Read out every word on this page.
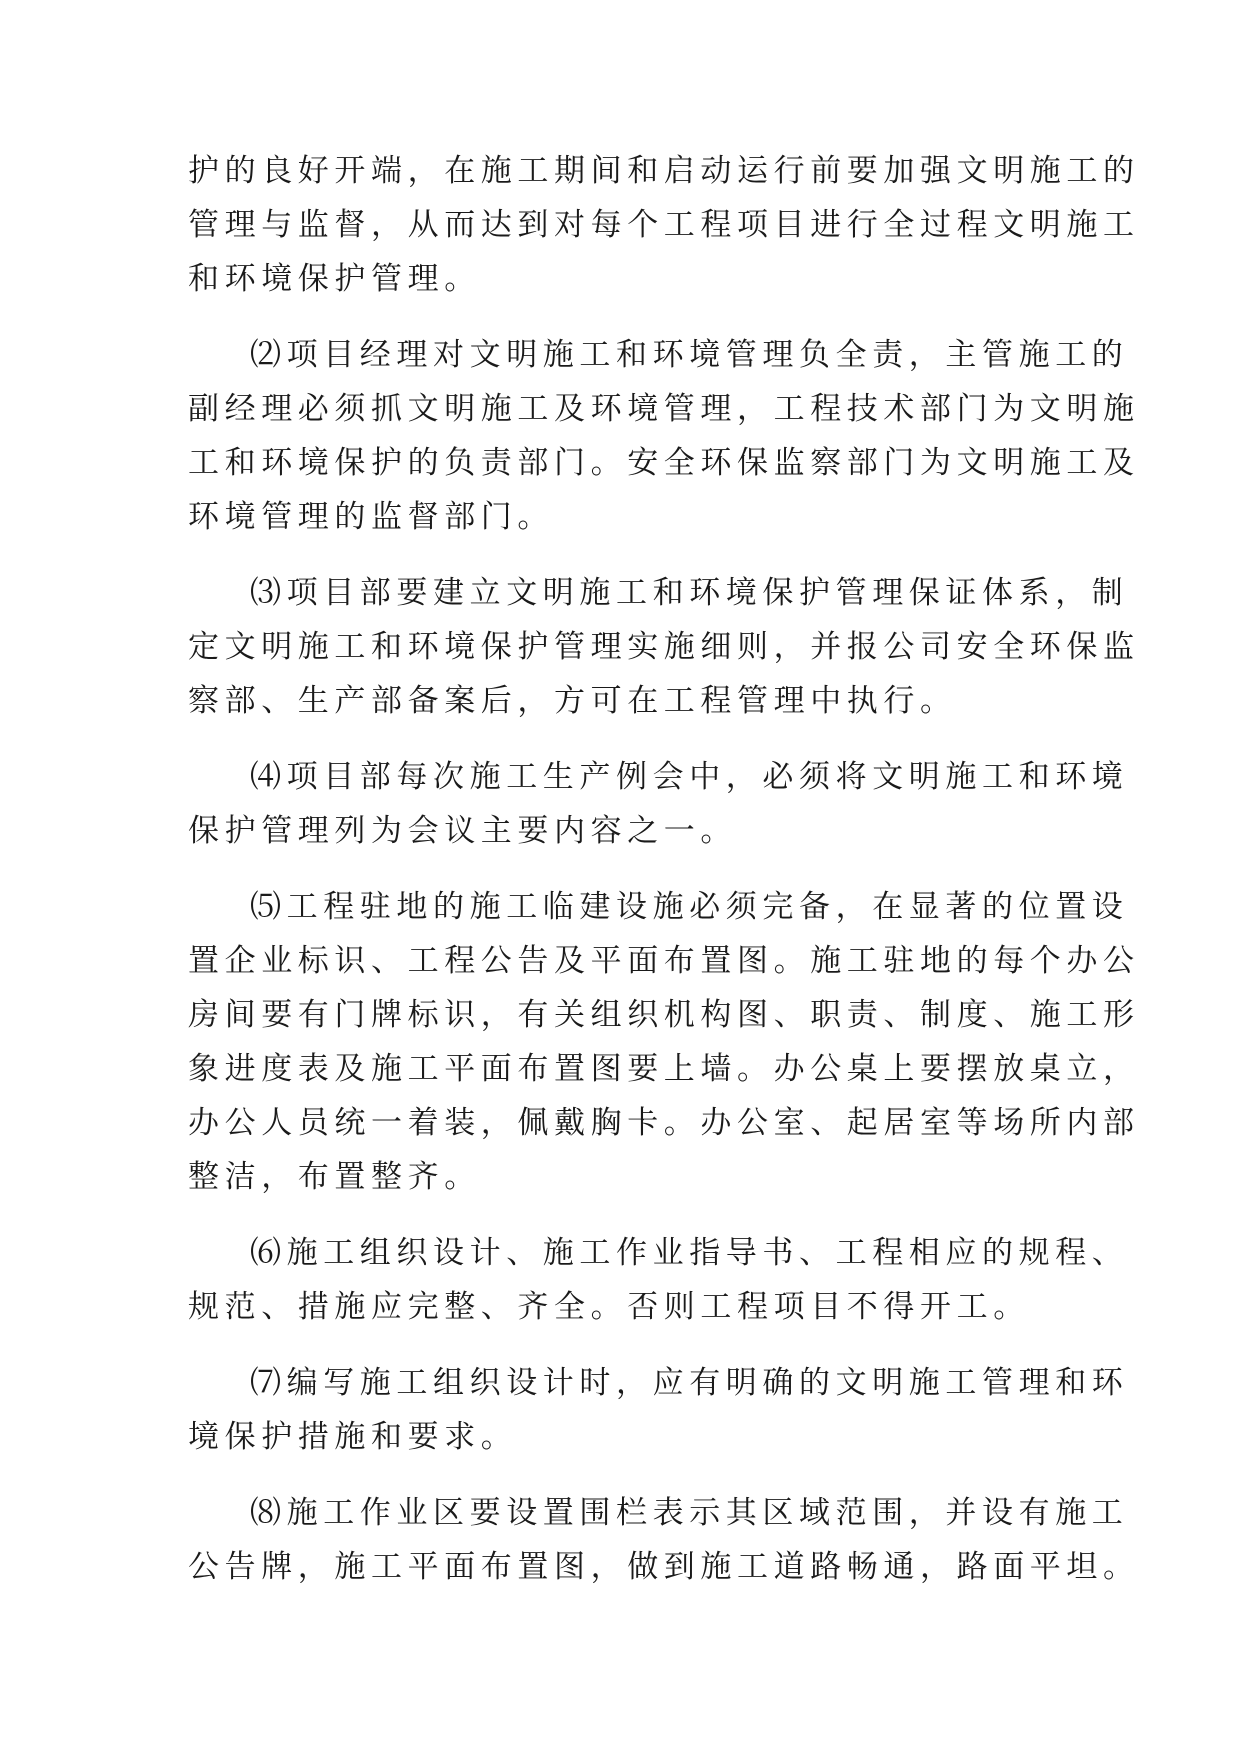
护的良好开端，在施工期间和启动运行前要加强文明施工的

管理与监督，从而达到对每个工程项目进行全过程文明施工

和环境保护管理。

⑵项目经理对文明施工和环境管理负全责，主管施工的

副经理必须抓文明施工及环境管理，工程技术部门为文明施

工和环境保护的负责部门。安全环保监察部门为文明施工及

环境管理的监督部门。

⑶项目部要建立文明施工和环境保护管理保证体系，制

定文明施工和环境保护管理实施细则，并报公司安全环保监

察部、生产部备案后，方可在工程管理中执行。

⑷项目部每次施工生产例会中，必须将文明施工和环境

保护管理列为会议主要内容之一。

⑸工程驻地的施工临建设施必须完备，在显著的位置设

置企业标识、工程公告及平面布置图。施工驻地的每个办公

房间要有门牌标识，有关组织机构图、职责、制度、施工形

象进度表及施工平面布置图要上墙。办公桌上要摆放桌立，

办公人员统一着装，佩戴胸卡。办公室、起居室等场所内部

整洁，布置整齐。

⑹施工组织设计、施工作业指导书、工程相应的规程、

规范、措施应完整、齐全。否则工程项目不得开工。

⑺编写施工组织设计时，应有明确的文明施工管理和环

境保护措施和要求。

⑻施工作业区要设置围栏表示其区域范围，并设有施工

公告牌，施工平面布置图，做到施工道路畅通，路面平坦。
